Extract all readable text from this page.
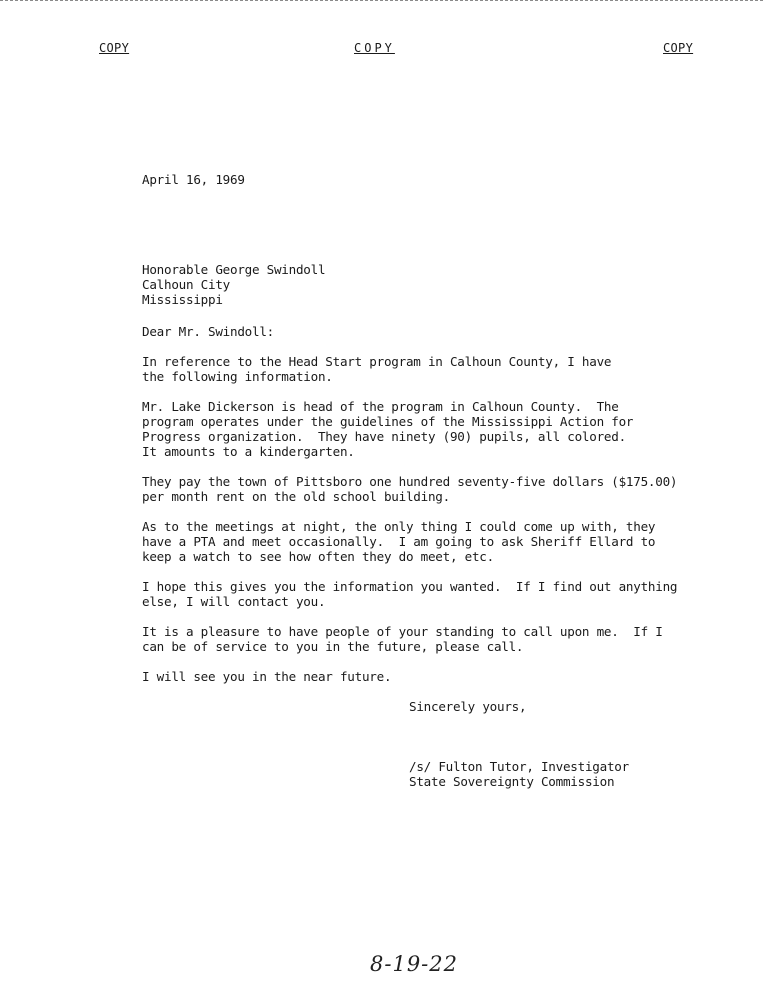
COPY	COPY	COPY

April 16, 1969

Honorable George Swindoll

Calhoun City

Mississippi

Dear Mr. Swindoll:

In reference to the Head Start program in Calhoun County, I have

the following information.

Mr. Lake Dickerson is head of the program in Calhoun County.  The

program operates under the guidelines of the Mississippi Action for

Progress organization.  They have ninety (90) pupils, all colored.

It amounts to a kindergarten.

They pay the town of Pittsboro one hundred seventy-five dollars ($175.00)

per month rent on the old school building.

As to the meetings at night, the only thing I could come up with, they

have a PTA and meet occasionally.  I am going to ask Sheriff Ellard to

keep a watch to see how often they do meet, etc.

I hope this gives you the information you wanted.  If I find out anything

else, I will contact you.

It is a pleasure to have people of your standing to call upon me.  If I

can be of service to you in the future, please call.

I will see you in the near future.

Sincerely yours,

/s/ Fulton Tutor, Investigator

State Sovereignty Commission

8-19-22
